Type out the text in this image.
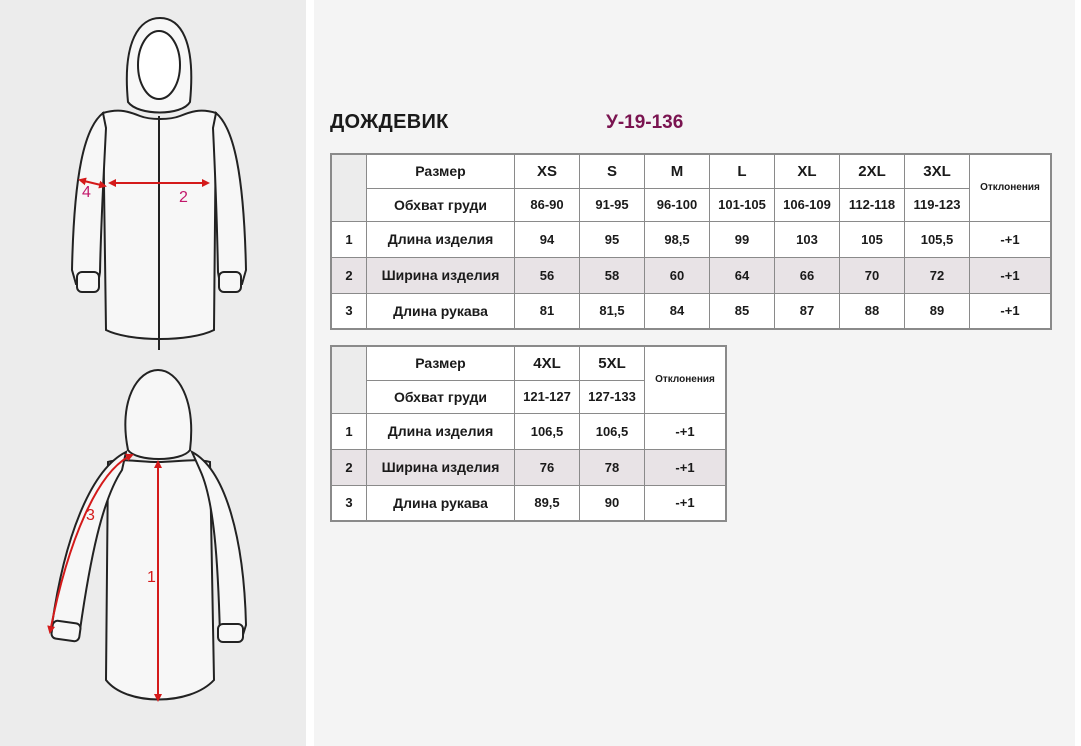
4	2
3
1
ДОЖДЕВИК	У-19-136
	Размер	XS	S	M	L	XL	2XL	3XL	Отклонения
	Обхват груди	86-90	91-95	96-100	101-105	106-109	112-118	119-123	
1	Длина изделия	94	95	98,5	99	103	105	105,5	-+1
2	Ширина изделия	56	58	60	64	66	70	72	-+1
3	Длина рукава	81	81,5	84	85	87	88	89	-+1
	Размер	4XL	5XL	Отклонения
	Обхват груди	121-127	127-133	
1	Длина изделия	106,5	106,5	-+1
2	Ширина изделия	76	78	-+1
3	Длина рукава	89,5	90	-+1
